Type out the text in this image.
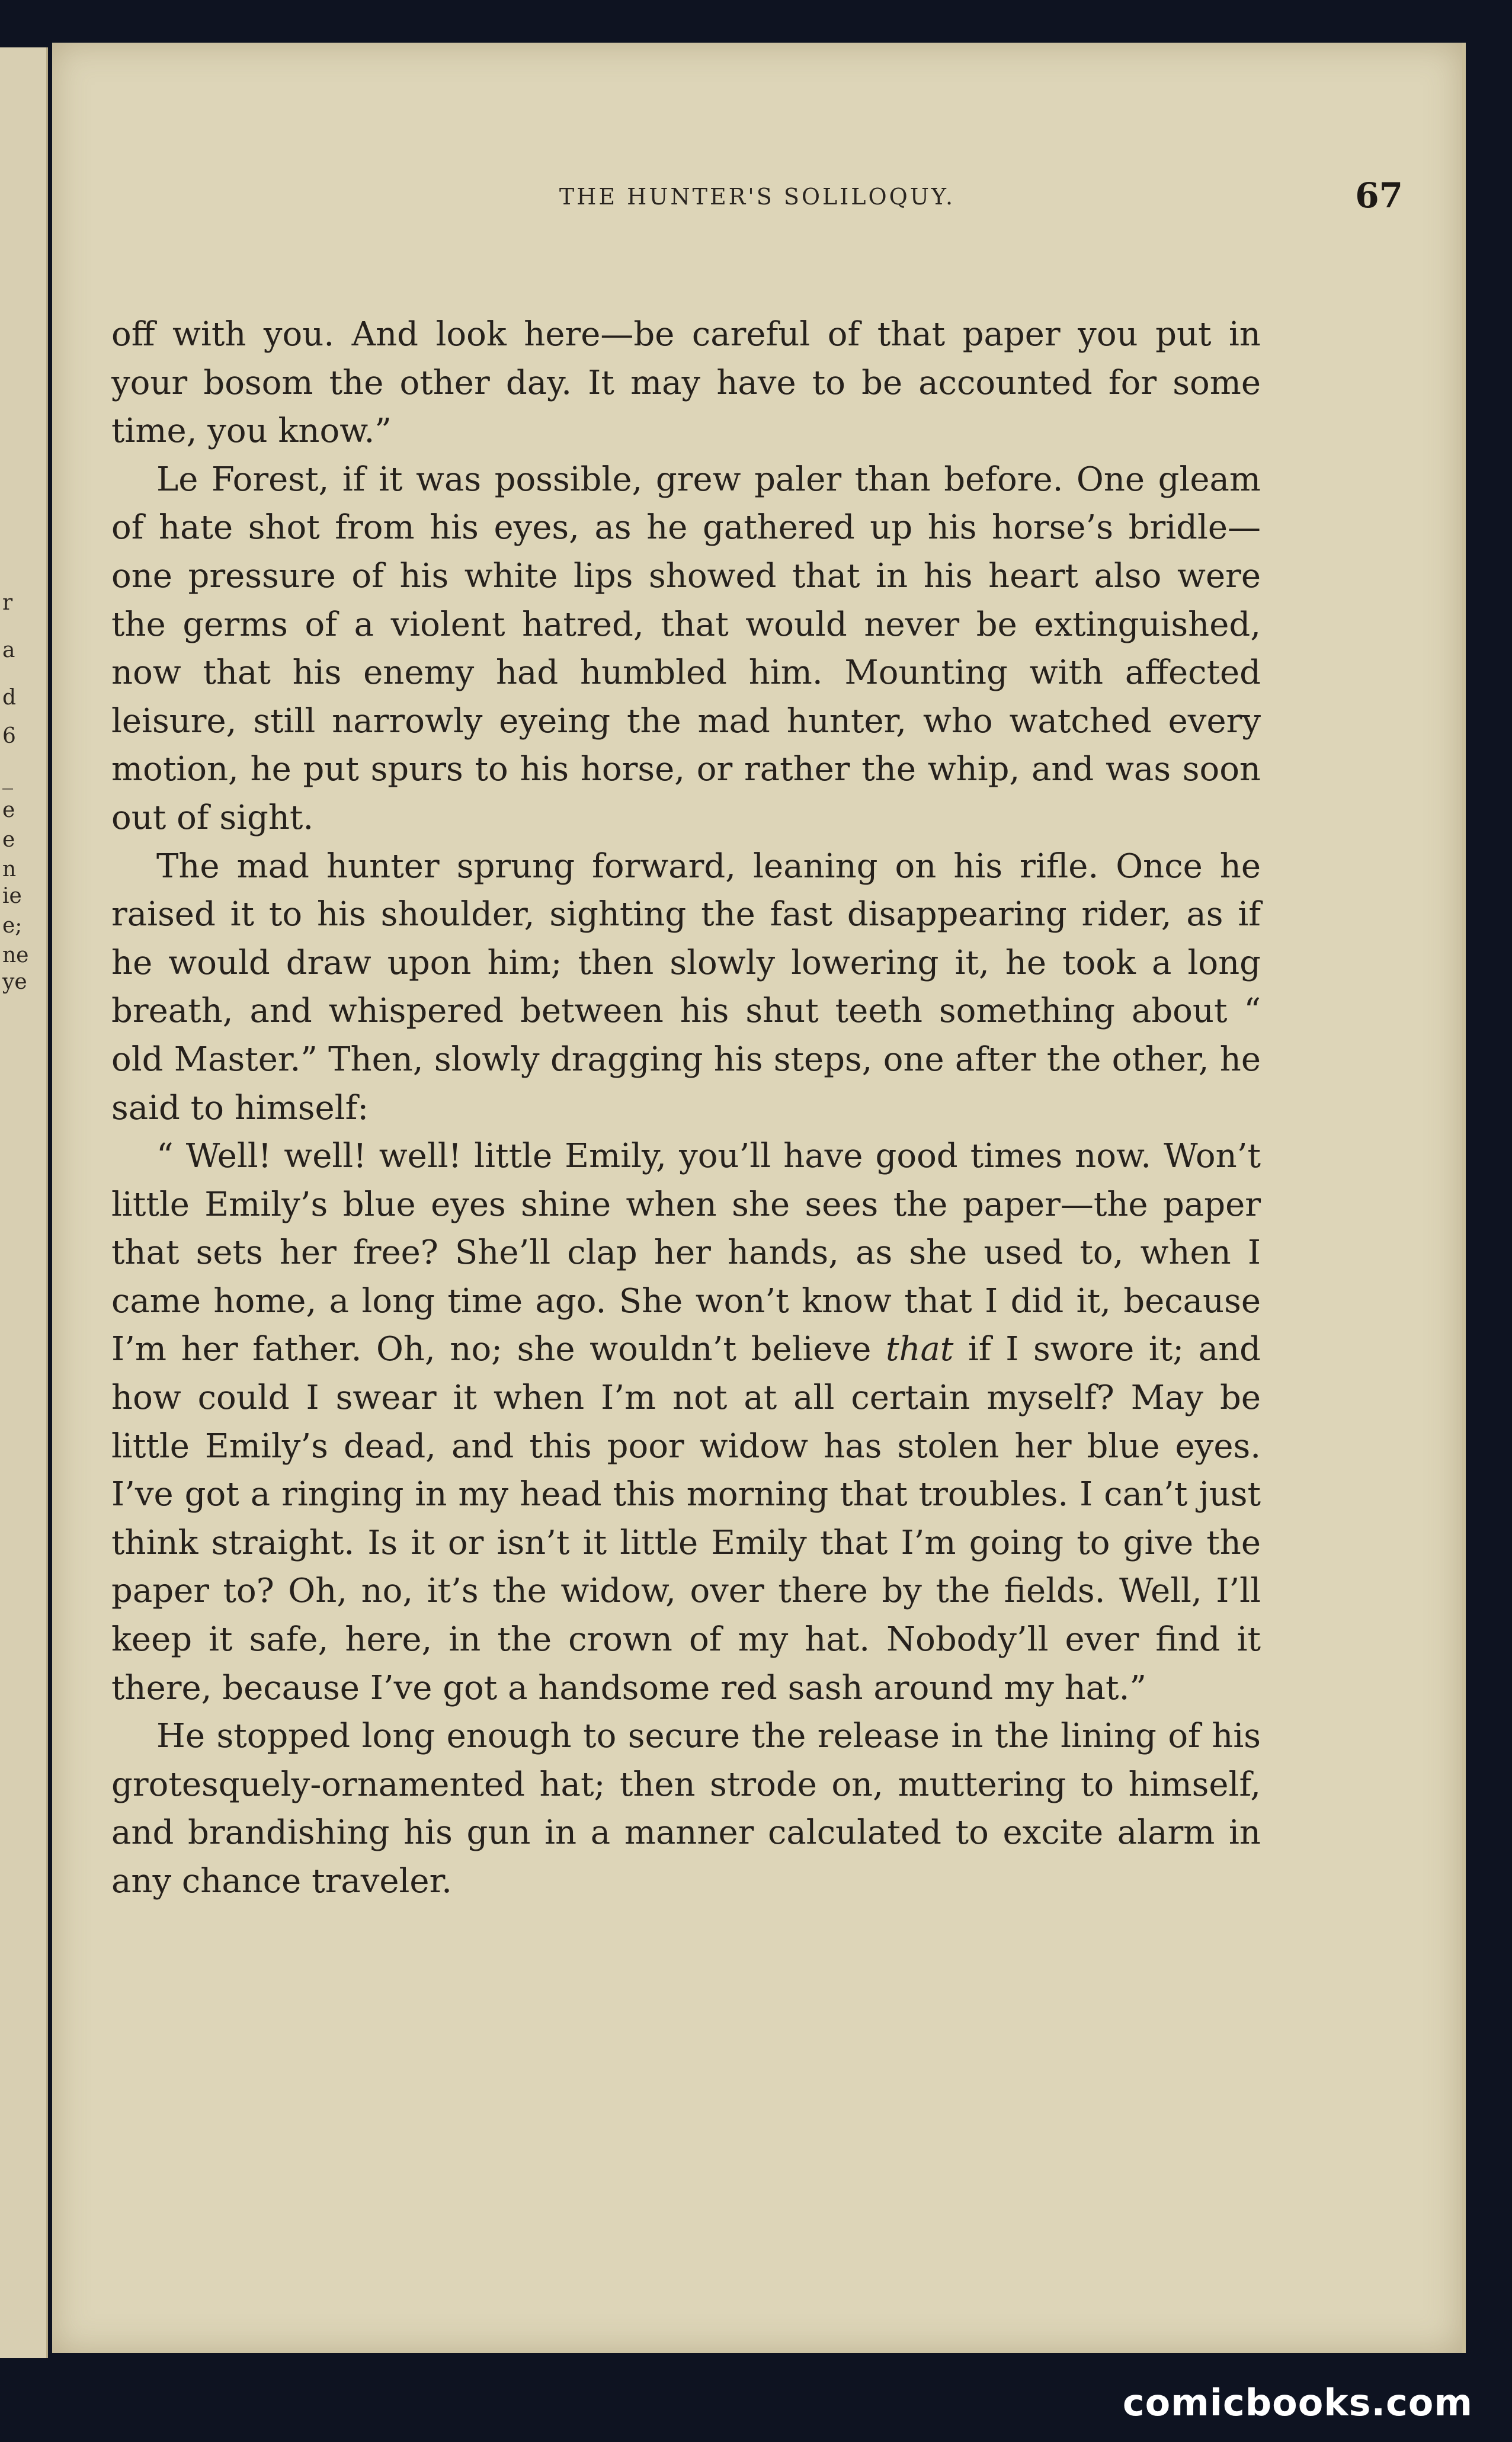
r
a
d
6
_
e
e
n
ie
e;
ne
ye
THE HUNTER'S SOLILOQUY.	67

off with you. And look here—be careful of that paper you put in your bosom the other day. It may have to be accounted for some time, you know.”

Le Forest, if it was possible, grew paler than before. One gleam of hate shot from his eyes, as he gathered up his horse’s bridle—one pressure of his white lips showed that in his heart also were the germs of a violent hatred, that would never be extinguished, now that his enemy had humbled him. Mounting with affected leisure, still narrowly eyeing the mad hunter, who watched every motion, he put spurs to his horse, or rather the whip, and was soon out of sight.

The mad hunter sprung forward, leaning on his rifle. Once he raised it to his shoulder, sighting the fast disappearing rider, as if he would draw upon him; then slowly lowering it, he took a long breath, and whispered between his shut teeth something about “ old Master.” Then, slowly dragging his steps, one after the other, he said to himself:

“ Well! well! well! little Emily, you’ll have good times now. Won’t little Emily’s blue eyes shine when she sees the paper—the paper that sets her free? She’ll clap her hands, as she used to, when I came home, a long time ago. She won’t know that I did it, because I’m her father. Oh, no; she wouldn’t believe that if I swore it; and how could I swear it when I’m not at all certain myself? May be little Emily’s dead, and this poor widow has stolen her blue eyes. I’ve got a ringing in my head this morning that troubles. I can’t just think straight. Is it or isn’t it little Emily that I’m going to give the paper to? Oh, no, it’s the widow, over there by the fields. Well, I’ll keep it safe, here, in the crown of my hat. Nobody’ll ever find it there, because I’ve got a handsome red sash around my hat.”

He stopped long enough to secure the release in the lining of his grotesquely-ornamented hat; then strode on, muttering to himself, and brandishing his gun in a manner calculated to excite alarm in any chance traveler.

comicbooks.com
